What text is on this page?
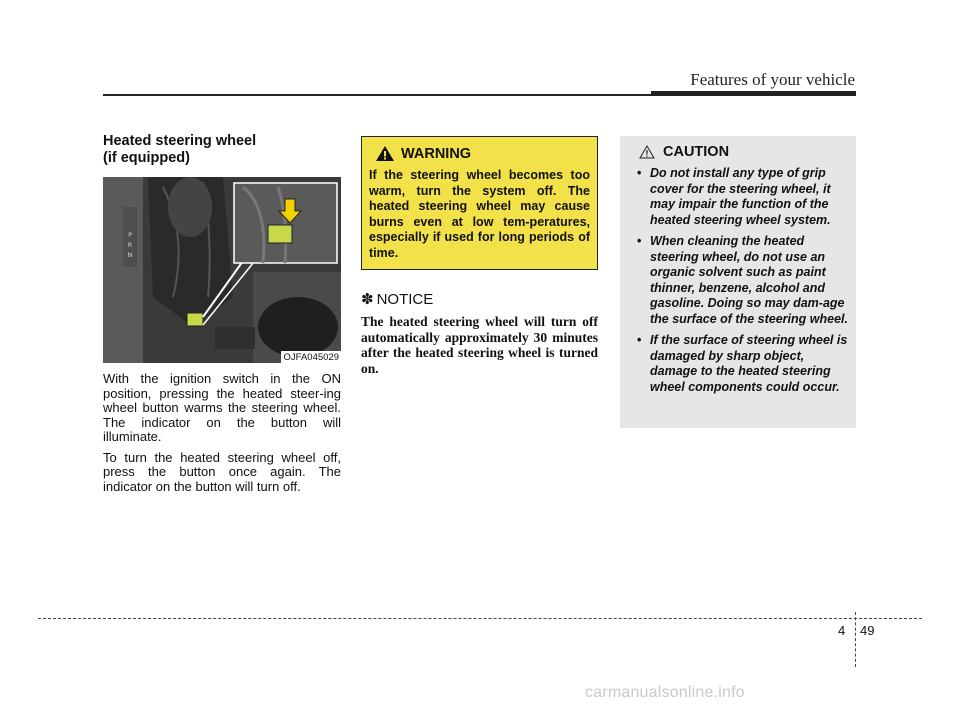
Features of your vehicle
Heated steering wheel
(if equipped)
P
R
N
OJFA045029

With the ignition switch in the ON position, pressing the heated steer-ing wheel button warms the steering wheel. The indicator on the button will illuminate.

To turn the heated steering wheel off, press the button once again. The indicator on the button will turn off.

WARNING

If the steering wheel becomes too warm, turn the system off. The heated steering wheel may cause burns even at low tem-peratures, especially if used for long periods of time.

✽ NOTICE

The heated steering wheel will turn off automatically approximately 30 minutes after the heated steering wheel is turned on.

CAUTION
• Do not install any type of grip cover for the steering wheel, it may impair the function of the heated steering wheel system.
• When cleaning the heated steering wheel, do not use an organic solvent such as paint thinner, benzene, alcohol and gasoline. Doing so may dam-age the surface of the steering wheel.
• If the surface of steering wheel is damaged by sharp object, damage to the heated steering wheel components could occur.
4 49
carmanualsonline.info
